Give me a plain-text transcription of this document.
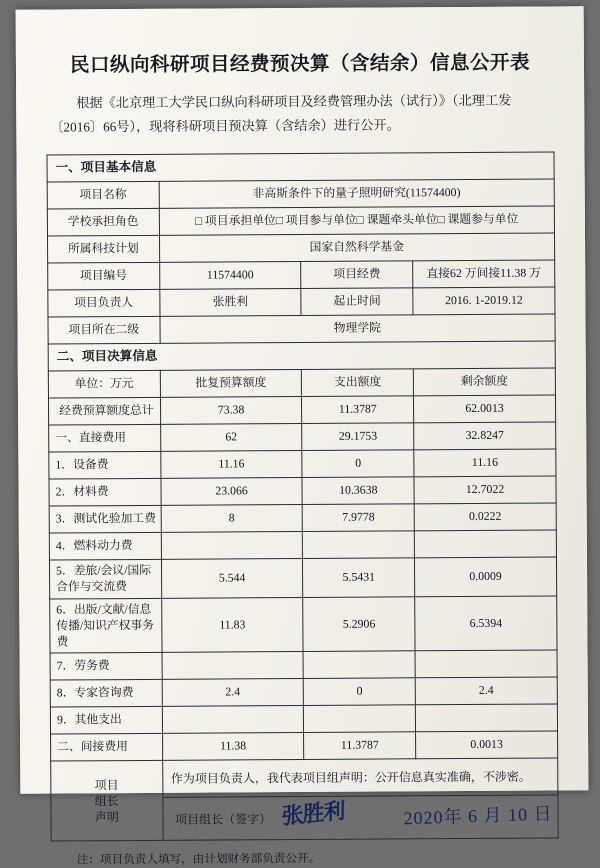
民口纵向科研项目经费预决算（含结余）信息公开表
根据《北京理工大学民口纵向科研项目及经费管理办法（试行）》（北理工发
〔2016〕66号），现将科研项目预决算（含结余）进行公开。
一、项目基本信息			
项目名称	非高斯条件下的量子照明研究(11574400)		
学校承担角色	□ 项目承担单位□ 项目参与单位□ 课题牵头单位□ 课题参与单位		
所属科技计划	国家自然科学基金		
项目编号	11574400	项目经费	直接62 万间接11.38 万
项目负责人	张胜利	起止时间	2016. 1-2019.12
项目所在二级	物理学院		
二、项目决算信息			
单位：万元	批复预算额度	支出额度	剩余额度
经费预算额度总计	73.38	11.3787	62.0013
一、直接费用	62	29.1753	32.8247
1．设备费	11.16	0	11.16
2．材料费	23.066	10.3638	12.7022
3．测试化验加工费	8	7.9778	0.0222
4．燃料动力费			
5．差旅/会议/国际合作与交流费	5.544	5.5431	0.0009
6．出版/文献/信息传播/知识产权事务费	11.83	5.2906	6.5394
7．劳务费			
8．专家咨询费	2.4	0	2.4
9．其他支出			
二、间接费用	11.38	11.3787	0.0013

项目
组长
声明	作为项目负责人，我代表项目组声明：公开信息真实准确，不涉密。		

	项目组长（签字） 张胜利 2020年 6 月 10 日		
注：项目负责人填写，由计划财务部负责公开。
